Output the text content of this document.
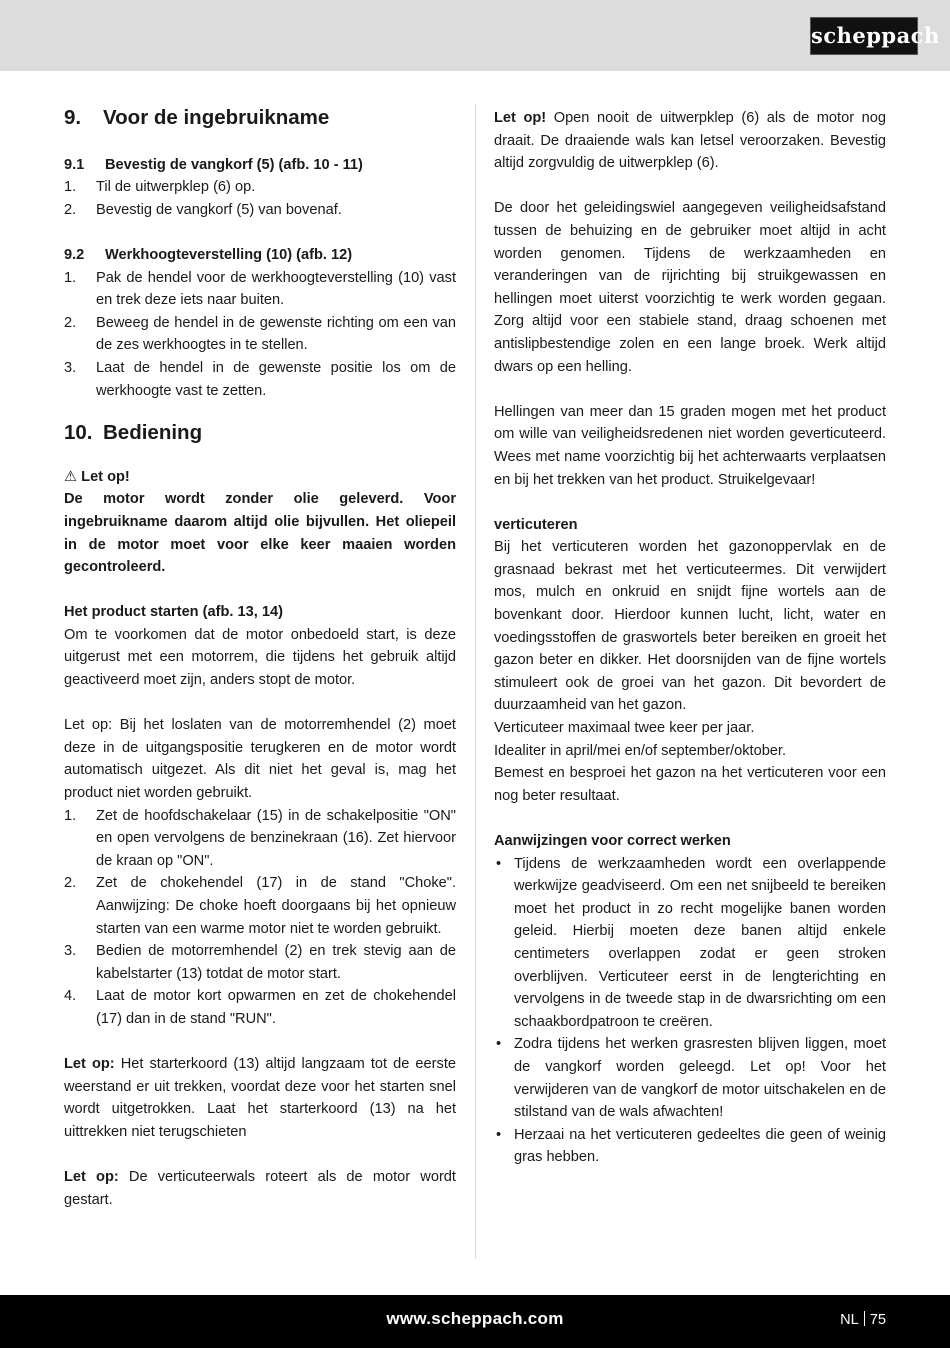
scheppach

9. Voor de ingebruikname

9.1 Bevestig de vangkorf (5) (afb. 10 - 11)

1. Til de uitwerpklep (6) op.
2. Bevestig de vangkorf (5) van bovenaf.

9.2 Werkhoogteverstelling (10) (afb. 12)

1. Pak de hendel voor de werkhoogteverstelling (10) vast en trek deze iets naar buiten.
2. Beweeg de hendel in de gewenste richting om een van de zes werkhoogtes in te stellen.
3. Laat de hendel in de gewenste positie los om de werkhoogte vast te zetten.

10. Bediening

⚠ Let op!

De motor wordt zonder olie geleverd. Voor ingebruikname daarom altijd olie bijvullen. Het oliepeil in de motor moet voor elke keer maaien worden gecontroleerd.

Het product starten (afb. 13, 14)

Om te voorkomen dat de motor onbedoeld start, is deze uitgerust met een motorrem, die tijdens het gebruik altijd geactiveerd moet zijn, anders stopt de motor.

Let op: Bij het loslaten van de motorremhendel (2) moet deze in de uitgangspositie terugkeren en de motor wordt automatisch uitgezet. Als dit niet het geval is, mag het product niet worden gebruikt.

1. Zet de hoofdschakelaar (15) in de schakelpositie "ON" en open vervolgens de benzinekraan (16). Zet hiervoor de kraan op "ON".
2. Zet de chokehendel (17) in de stand "Choke". Aanwijzing: De choke hoeft doorgaans bij het opnieuw starten van een warme motor niet te worden gebruikt.
3. Bedien de motorremhendel (2) en trek stevig aan de kabelstarter (13) totdat de motor start.
4. Laat de motor kort opwarmen en zet de chokehendel (17) dan in de stand "RUN".

Let op: Het starterkoord (13) altijd langzaam tot de eerste weerstand er uit trekken, voordat deze voor het starten snel wordt uitgetrokken. Laat het starterkoord (13) na het uittrekken niet terugschieten

Let op: De verticuteerwals roteert als de motor wordt gestart.

Let op! Open nooit de uitwerpklep (6) als de motor nog draait. De draaiende wals kan letsel veroorzaken. Bevestig altijd zorgvuldig de uitwerpklep (6).

De door het geleidingswiel aangegeven veiligheidsafstand tussen de behuizing en de gebruiker moet altijd in acht worden genomen. Tijdens de werkzaamheden en veranderingen van de rijrichting bij struikgewassen en hellingen moet uiterst voorzichtig te werk worden gegaan. Zorg altijd voor een stabiele stand, draag schoenen met antislipbestendige zolen en een lange broek. Werk altijd dwars op een helling.

Hellingen van meer dan 15 graden mogen met het product om wille van veiligheidsredenen niet worden geverticuteerd. Wees met name voorzichtig bij het achterwaarts verplaatsen en bij het trekken van het product. Struikelgevaar!

verticuteren

Bij het verticuteren worden het gazonoppervlak en de grasnaad bekrast met het verticuteermes. Dit verwijdert mos, mulch en onkruid en snijdt fijne wortels aan de bovenkant door. Hierdoor kunnen lucht, licht, water en voedingsstoffen de graswortels beter bereiken en groeit het gazon beter en dikker. Het doorsnijden van de fijne wortels stimuleert ook de groei van het gazon. Dit bevordert de duurzaamheid van het gazon.

Verticuteer maximaal twee keer per jaar.

Idealiter in april/mei en/of september/oktober.

Bemest en besproei het gazon na het verticuteren voor een nog beter resultaat.

Aanwijzingen voor correct werken

• Tijdens de werkzaamheden wordt een overlappende werkwijze geadviseerd. Om een net snijbeeld te bereiken moet het product in zo recht mogelijke banen worden geleid. Hierbij moeten deze banen altijd enkele centimeters overlappen zodat er geen stroken overblijven. Verticuteer eerst in de lengterichting en vervolgens in de tweede stap in de dwarsrichting om een schaakbordpatroon te creëren.
• Zodra tijdens het werken grasresten blijven liggen, moet de vangkorf worden geleegd. Let op! Voor het verwijderen van de vangkorf de motor uitschakelen en de stilstand van de wals afwachten!
• Herzaai na het verticuteren gedeeltes die geen of weinig gras hebben.
www.scheppach.com	NL 75
